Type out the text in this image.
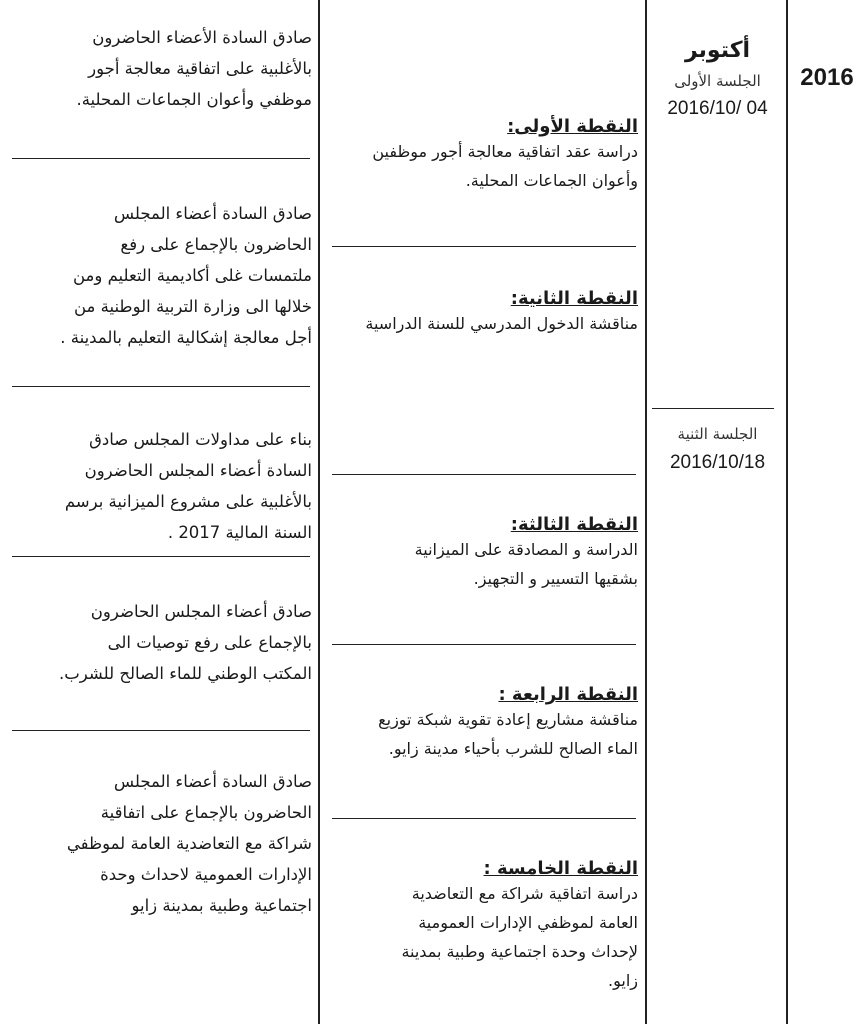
2016
أكتوبر
الجلسة الأولى
2016/10/ 04
الجلسة الثنية
2016/10/18
النقطة الأولى:
دراسة عقد اتفاقية معالجة أجور موظفين
وأعوان الجماعات المحلية.
النقطة الثانية:
مناقشة الدخول المدرسي للسنة الدراسية
النقطة الثالثة:
الدراسة و المصادقة على الميزانية
بشقيها التسيير و التجهيز.
النقطة الرابعة :
مناقشة مشاريع إعادة تقوية شبكة توزيع
الماء الصالح للشرب بأحياء مدينة زايو.
النقطة الخامسة :
دراسة اتفاقية شراكة مع التعاضدية
العامة لموظفي الإدارات العمومية
لإحداث وحدة اجتماعية وطبية بمدينة
زايو.
صادق السادة الأعضاء الحاضرون
بالأغلبية على اتفاقية معالجة أجور
موظفي وأعوان الجماعات المحلية.
صادق السادة أعضاء المجلس
الحاضرون بالإجماع على رفع
ملتمسات غلى أكاديمية التعليم ومن
خلالها الى وزارة التربية الوطنية من
أجل معالجة إشكالية التعليم بالمدينة .
بناء على مداولات المجلس صادق
السادة أعضاء المجلس الحاضرون
بالأغلبية على مشروع الميزانية برسم
السنة المالية 2017 .
صادق أعضاء المجلس الحاضرون
بالإجماع على رفع توصيات الى
المكتب الوطني للماء الصالح للشرب.
صادق السادة أعضاء المجلس
الحاضرون بالإجماع على اتفاقية
شراكة مع التعاضدية العامة لموظفي
الإدارات العمومية لاحداث وحدة
اجتماعية وطبية بمدينة زايو
